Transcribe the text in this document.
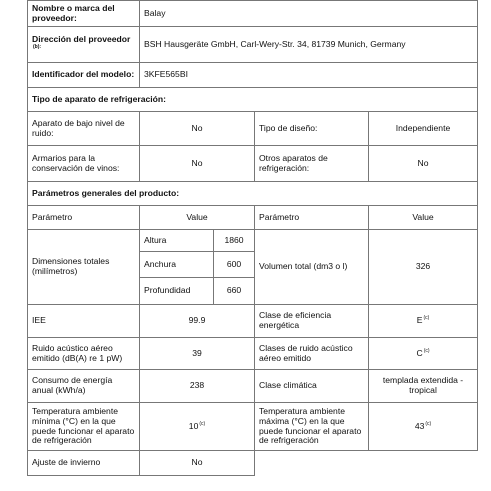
Nombre o marca del proveedor:	Balay			
Dirección del proveedor $^{(b):}$	BSH Hausgeräte GmbH, Carl-Wery-Str. 34, 81739 Munich, Germany			
Identificador del modelo:	3KFE565BI			
Tipo de aparato de refrigeración:				
Aparato de bajo nivel de ruido:	No		Tipo de diseño:	Independiente
Armarios para la conservación de vinos:	No		Otros aparatos de refrigeración:	No
Parámetros generales del producto:				
Parámetro	Value		Parámetro	Value
Dimensiones totales (milímetros)	Altura	1860	Volumen total (dm3 o l)	326
	Anchura	600		
	Profundidad	660		
IEE	99.9		Clase de eficiencia energética	$E^{(c)}$
Ruido acústico aéreo emitido (dB(A) re 1 pW)	39		Clases de ruido acústico aéreo emitido	$C^{(c)}$
Consumo de energía anual (kWh/a)	238		Clase climática	templada extendida - tropical
Temperatura ambiente mínima (°C) en la que puede funcionar el aparato de refrigeración	10$^{(c)}$		Temperatura ambiente máxima (°C) en la que puede funcionar el aparato de refrigeración	43$^{(c)}$
Ajuste de invierno	No			
